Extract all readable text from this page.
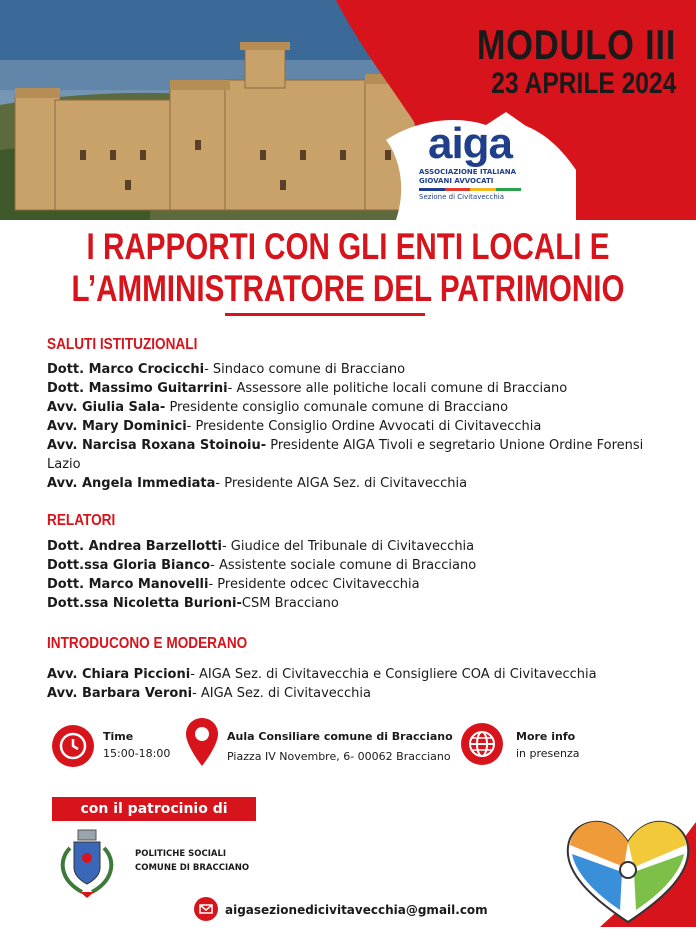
MODULO III
23 APRILE 2024
aiga
ASSOCIAZIONE ITALIANA
GIOVANI AVVOCATI
Sezione di Civitavecchia
I RAPPORTI CON GLI ENTI LOCALI E
L’AMMINISTRATORE DEL PATRIMONIO
SALUTI ISTITUZIONALI
Dott. Marco Crocicchi- Sindaco comune di Bracciano
Dott. Massimo Guitarrini- Assessore alle politiche locali comune di Bracciano
Avv. Giulia Sala- Presidente consiglio comunale comune di Bracciano
Avv. Mary Dominici- Presidente Consiglio Ordine Avvocati di Civitavecchia
Avv. Narcisa Roxana Stoinoiu- Presidente AIGA Tivoli e segretario Unione Ordine Forensi Lazio
Avv. Angela Immediata- Presidente AIGA Sez. di Civitavecchia
RELATORI
Dott. Andrea Barzellotti- Giudice del Tribunale di Civitavecchia
Dott.ssa Gloria Bianco- Assistente sociale comune di Bracciano
Dott. Marco Manovelli- Presidente odcec Civitavecchia
Dott.ssa Nicoletta Burioni-CSM Bracciano
INTRODUCONO E MODERANO
Avv. Chiara Piccioni- AIGA Sez. di Civitavecchia e Consigliere COA di Civitavecchia
Avv. Barbara Veroni- AIGA Sez. di Civitavecchia
Time
15:00-18:00
Aula Consiliare comune di Bracciano
Piazza IV Novembre, 6- 00062 Bracciano
More info
in presenza
con il patrocinio di
POLITICHE SOCIALI
COMUNE DI BRACCIANO
aigasezionedicivitavecchia@gmail.com
